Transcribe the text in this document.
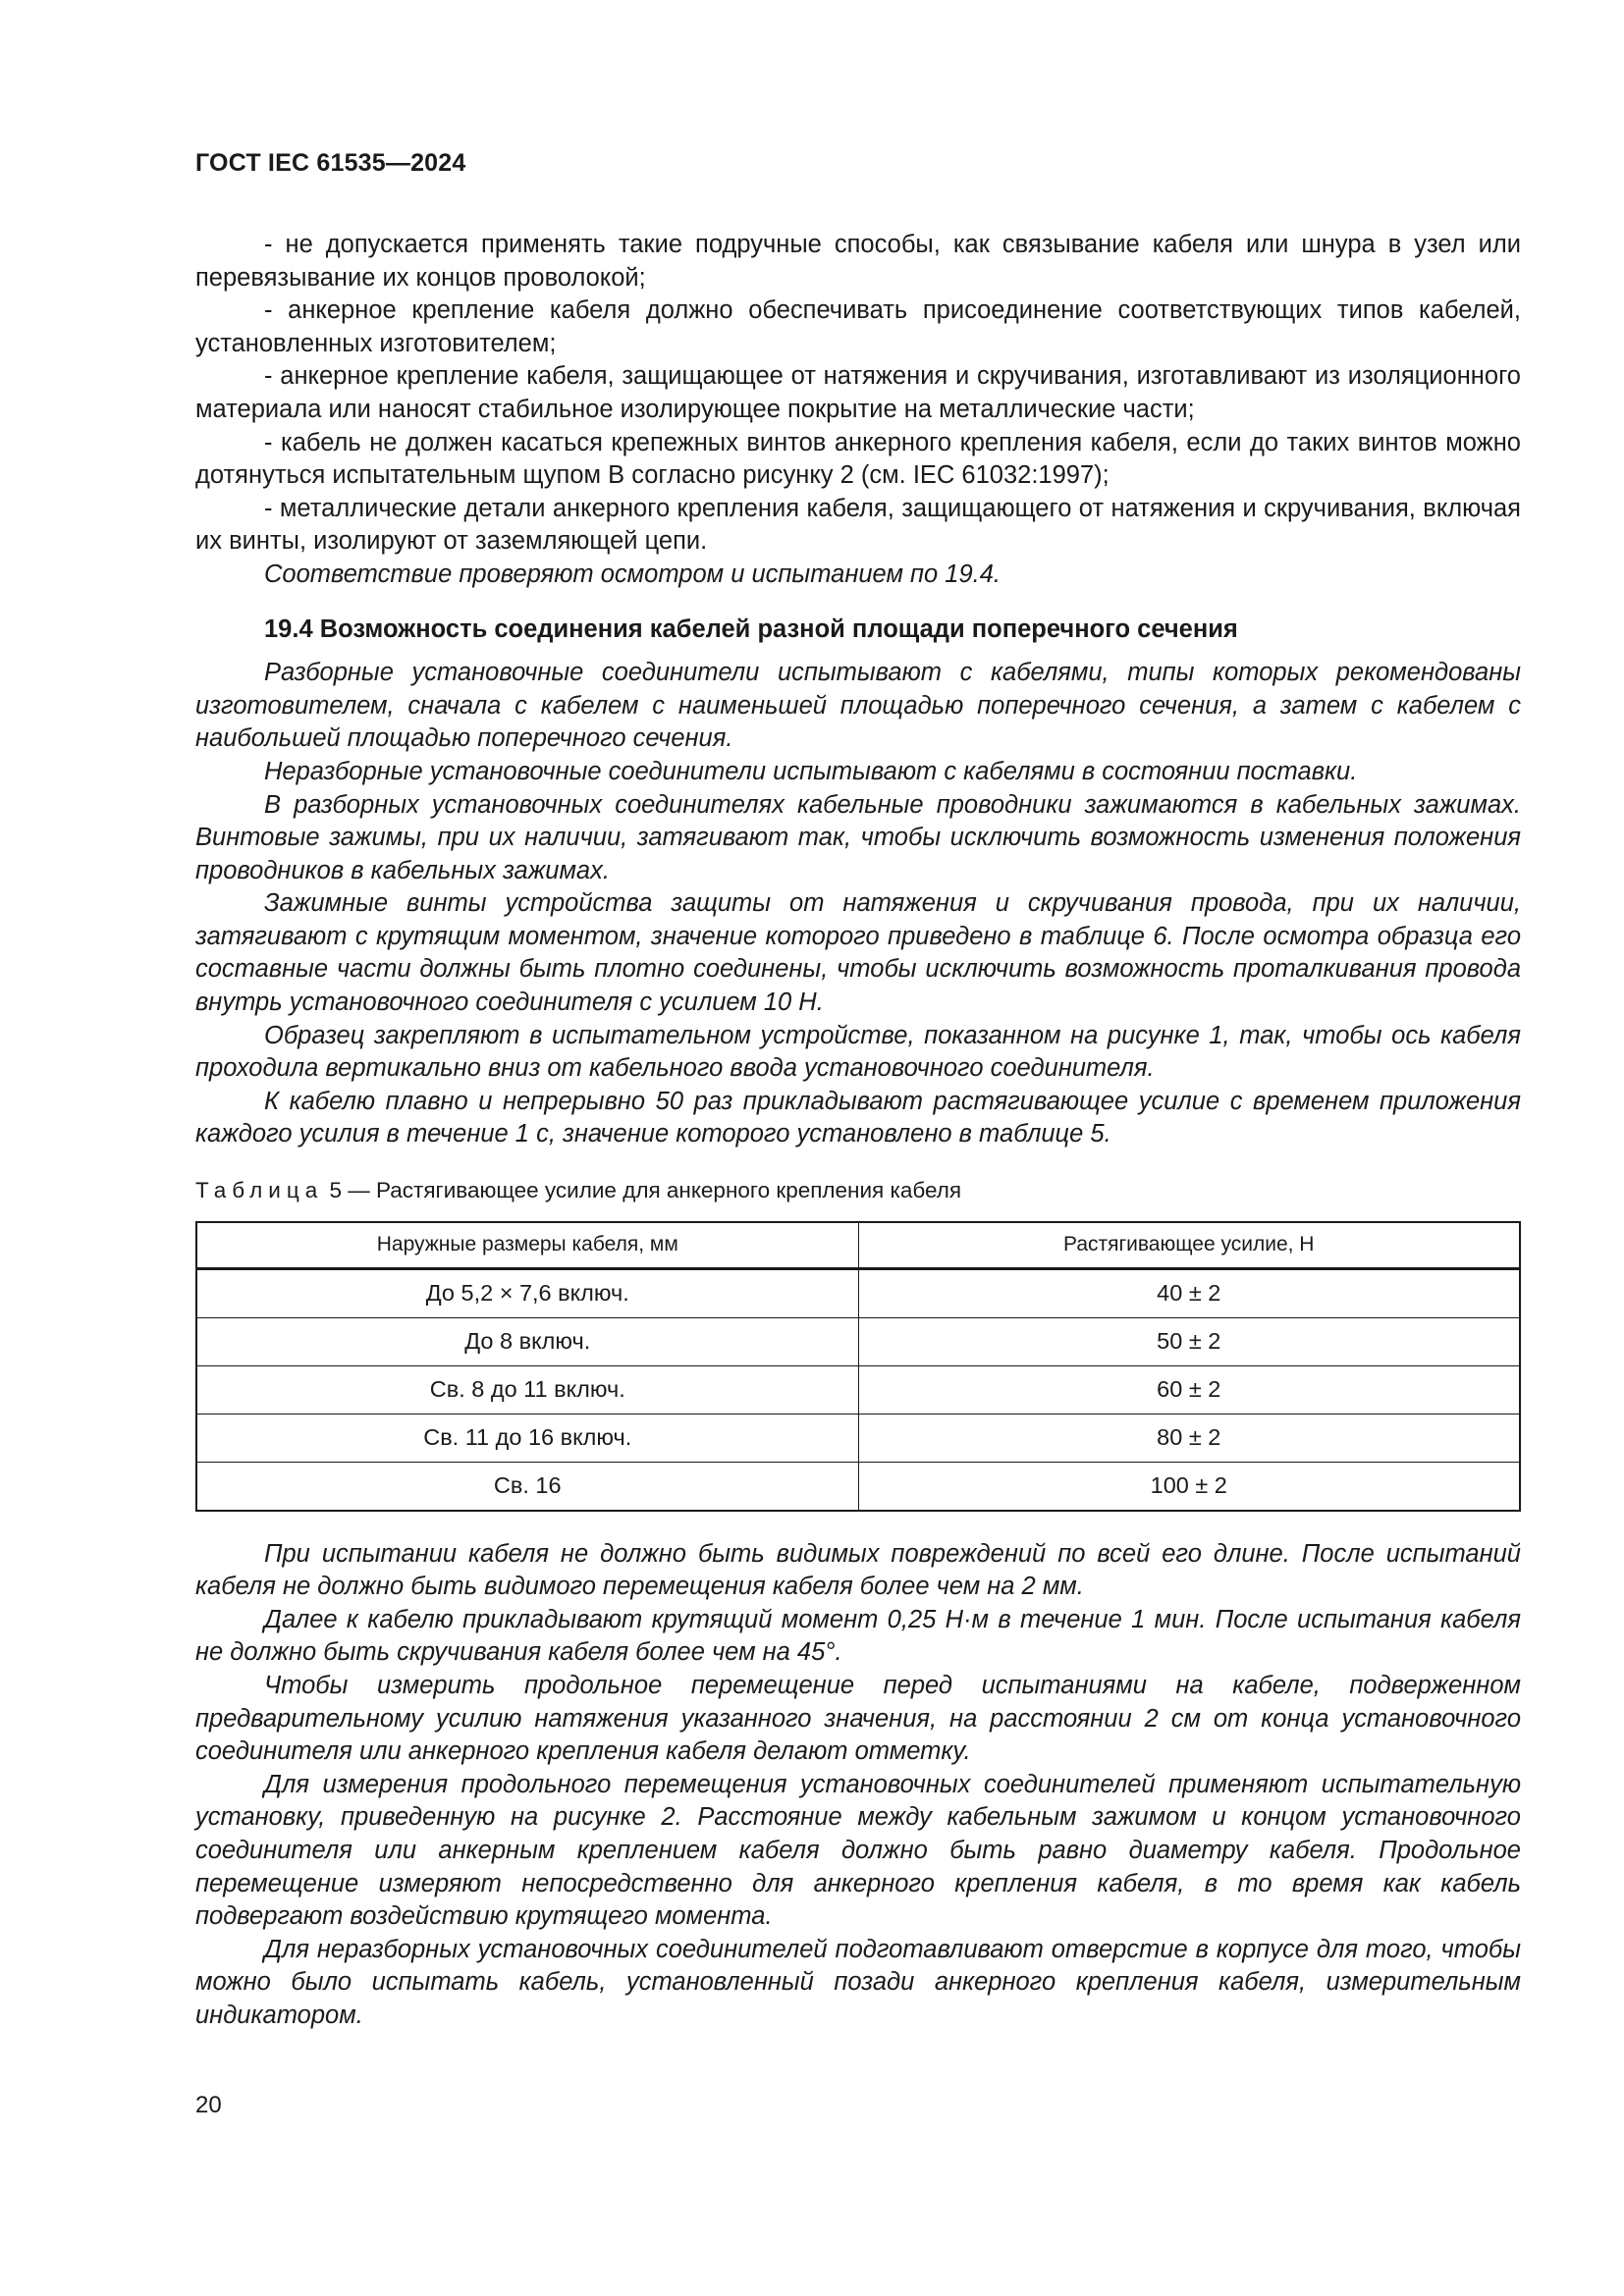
ГОСТ IEC 61535—2024

- не допускается применять такие подручные способы, как связывание кабеля или шнура в узел или перевязывание их концов проволокой;

- анкерное крепление кабеля должно обеспечивать присоединение соответствующих типов кабелей, установленных изготовителем;

- анкерное крепление кабеля, защищающее от натяжения и скручивания, изготавливают из изоляционного материала или наносят стабильное изолирующее покрытие на металлические части;

- кабель не должен касаться крепежных винтов анкерного крепления кабеля, если до таких винтов можно дотянуться испытательным щупом B согласно рисунку 2 (см. IEC 61032:1997);

- металлические детали анкерного крепления кабеля, защищающего от натяжения и скручивания, включая их винты, изолируют от заземляющей цепи.

Соответствие проверяют осмотром и испытанием по 19.4.

19.4 Возможность соединения кабелей разной площади поперечного сечения

Разборные установочные соединители испытывают с кабелями, типы которых рекомендованы изготовителем, сначала с кабелем с наименьшей площадью поперечного сечения, а затем с кабелем с наибольшей площадью поперечного сечения.

Неразборные установочные соединители испытывают с кабелями в состоянии поставки.

В разборных установочных соединителях кабельные проводники зажимаются в кабельных зажимах. Винтовые зажимы, при их наличии, затягивают так, чтобы исключить возможность изменения положения проводников в кабельных зажимах.

Зажимные винты устройства защиты от натяжения и скручивания провода, при их наличии, затягивают с крутящим моментом, значение которого приведено в таблице 6. После осмотра образца его составные части должны быть плотно соединены, чтобы исключить возможность проталкивания провода внутрь установочного соединителя с усилием 10 Н.

Образец закрепляют в испытательном устройстве, показанном на рисунке 1, так, чтобы ось кабеля проходила вертикально вниз от кабельного ввода установочного соединителя.

К кабелю плавно и непрерывно 50 раз прикладывают растягивающее усилие с временем приложения каждого усилия в течение 1 с, значение которого установлено в таблице 5.

Таблица 5 — Растягивающее усилие для анкерного крепления кабеля
Наружные размеры кабеля, мм	Растягивающее усилие, Н
До 5,2 × 7,6 включ.	40 ± 2
До 8 включ.	50 ± 2
Св. 8 до 11 включ.	60 ± 2
Св. 11 до 16 включ.	80 ± 2
Св. 16	100 ± 2

При испытании кабеля не должно быть видимых повреждений по всей его длине. После испытаний кабеля не должно быть видимого перемещения кабеля более чем на 2 мм.

Далее к кабелю прикладывают крутящий момент 0,25 Н·м в течение 1 мин. После испытания кабеля не должно быть скручивания кабеля более чем на 45°.

Чтобы измерить продольное перемещение перед испытаниями на кабеле, подверженном предварительному усилию натяжения указанного значения, на расстоянии 2 см от конца установочного соединителя или анкерного крепления кабеля делают отметку.

Для измерения продольного перемещения установочных соединителей применяют испытательную установку, приведенную на рисунке 2. Расстояние между кабельным зажимом и концом установочного соединителя или анкерным креплением кабеля должно быть равно диаметру кабеля. Продольное перемещение измеряют непосредственно для анкерного крепления кабеля, в то время как кабель подвергают воздействию крутящего момента.

Для неразборных установочных соединителей подготавливают отверстие в корпусе для того, чтобы можно было испытать кабель, установленный позади анкерного крепления кабеля, измерительным индикатором.

20
